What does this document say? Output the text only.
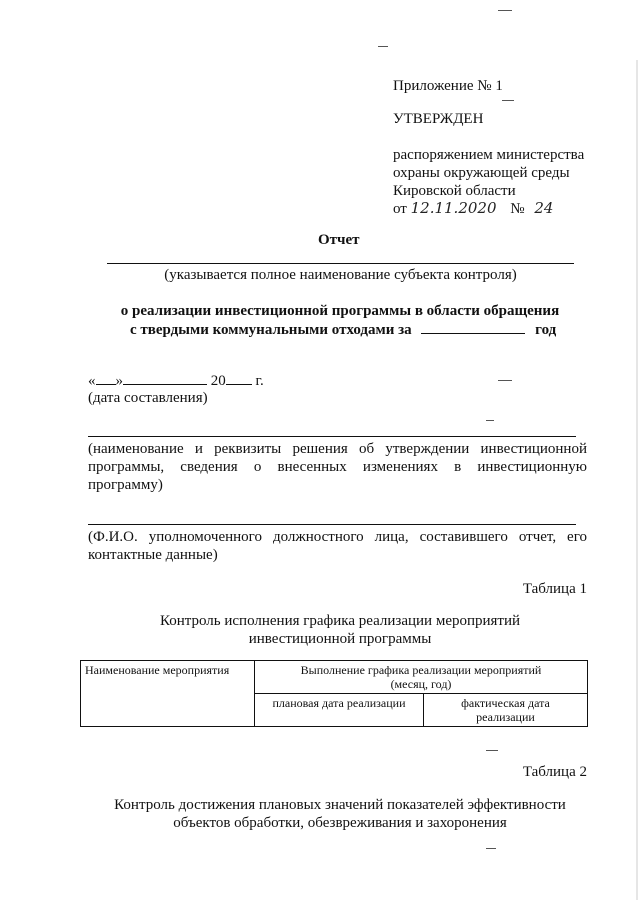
Приложение № 1
УТВЕРЖДЕН
распоряжением министерства
охраны окружающей среды
Кировской области
от 12.11.2020 № 24
Отчет
(указывается полное наименование субъекта контроля)
о реализации инвестиционной программы в области обращения
с твердыми коммунальными отходами за	год
« »	20 г.
(дата составления)
(наименование и реквизиты решения об утверждении инвестиционной программы, сведения о внесенных изменениях в инвестиционную программу)
(Ф.И.О. уполномоченного должностного лица, составившего отчет, его контактные данные)
Таблица 1
Контроль исполнения графика реализации мероприятий
инвестиционной программы
Наименование мероприятия	Выполнение графика реализации мероприятий
(месяц, год)	

	плановая дата реализации	фактическая дата
реализации
Таблица 2
Контроль достижения плановых значений показателей эффективности
объектов обработки, обезвреживания и захоронения
